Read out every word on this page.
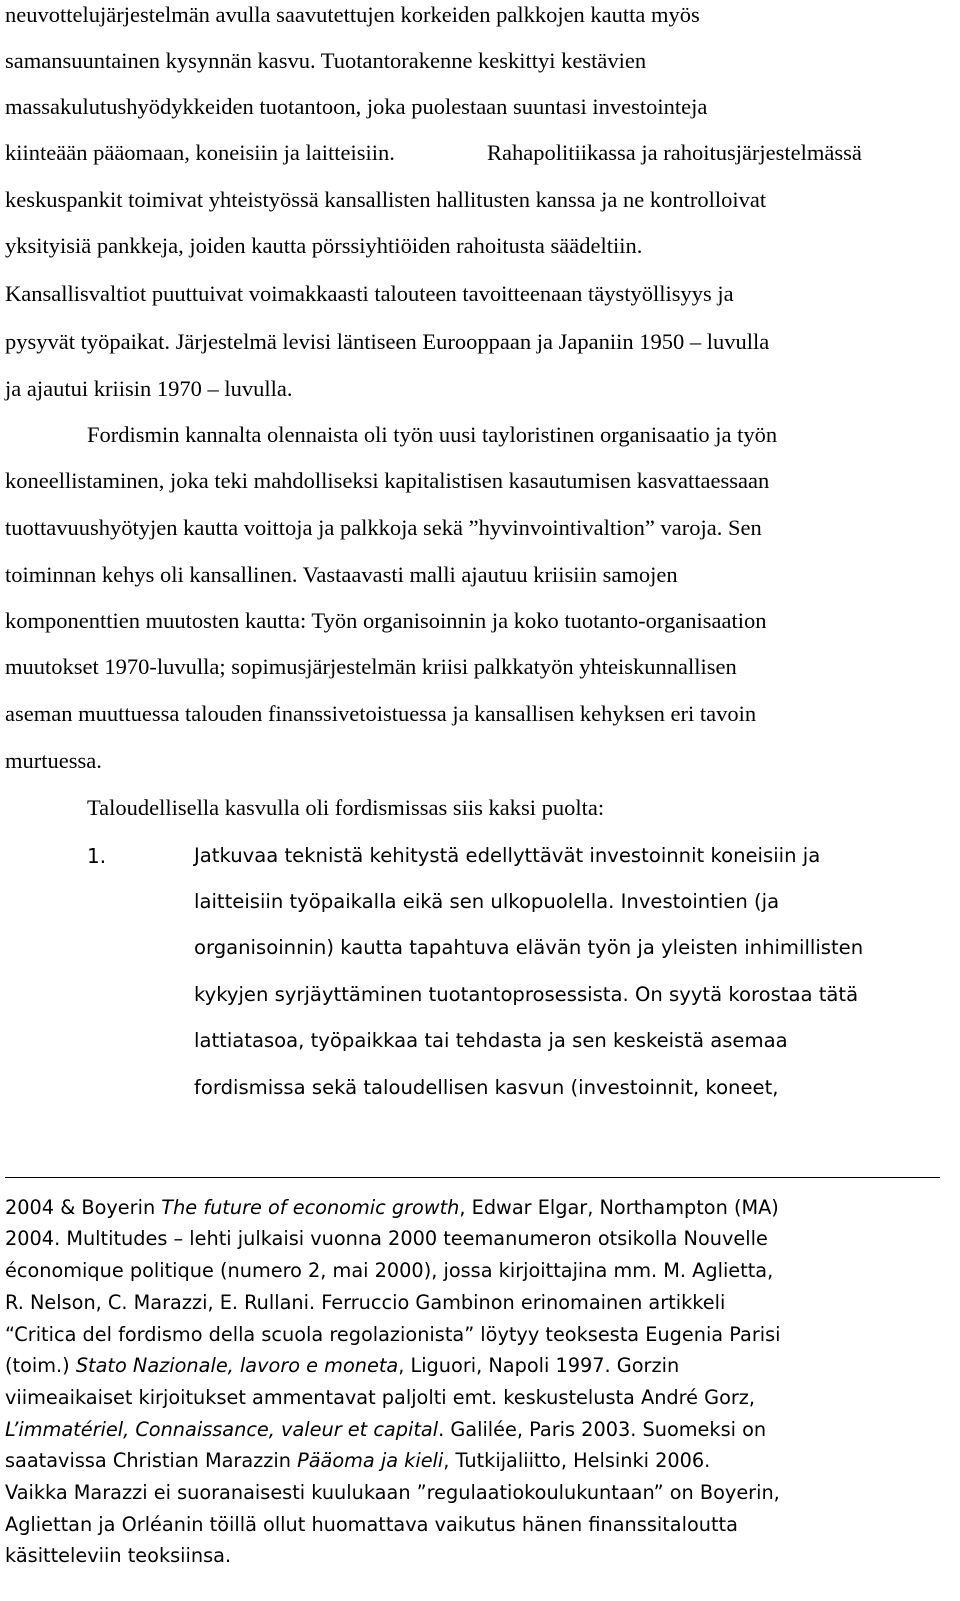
neuvottelujärjestelmän avulla saavutettujen korkeiden palkkojen kautta myös
samansuuntainen kysynnän kasvu. Tuotantorakenne keskittyi kestävien
massakulutushyödykkeiden tuotantoon, joka puolestaan suuntasi investointeja
kiinteään pääomaan, koneisiin ja laitteisiin.	Rahapolitiikassa ja rahoitusjärjestelmässä
keskuspankit toimivat yhteistyössä kansallisten hallitusten kanssa ja ne kontrolloivat
yksityisiä pankkeja, joiden kautta pörssiyhtiöiden rahoitusta säädeltiin.
Kansallisvaltiot puuttuivat voimakkaasti talouteen tavoitteenaan täystyöllisyys ja
pysyvät työpaikat. Järjestelmä levisi läntiseen Eurooppaan ja Japaniin 1950 – luvulla
ja ajautui kriisin 1970 – luvulla.
Fordismin kannalta olennaista oli työn uusi tayloristinen organisaatio ja työn
koneellistaminen, joka teki mahdolliseksi kapitalistisen kasautumisen kasvattaessaan
tuottavuushyötyjen kautta voittoja ja palkkoja sekä ”hyvinvointivaltion” varoja. Sen
toiminnan kehys oli kansallinen. Vastaavasti malli ajautuu kriisiin samojen
komponenttien muutosten kautta: Työn organisoinnin ja koko tuotanto-organisaation
muutokset 1970-luvulla; sopimusjärjestelmän kriisi palkkatyön yhteiskunnallisen
aseman muuttuessa talouden finanssivetoistuessa ja kansallisen kehyksen eri tavoin
murtuessa.
Taloudellisella kasvulla oli fordismissas siis kaksi puolta:
1.	Jatkuvaa teknistä kehitystä edellyttävät investoinnit koneisiin ja
laitteisiin työpaikalla eikä sen ulkopuolella. Investointien (ja
organisoinnin) kautta tapahtuva elävän työn ja yleisten inhimillisten
kykyjen syrjäyttäminen tuotantoprosessista. On syytä korostaa tätä
lattiatasoa, työpaikkaa tai tehdasta ja sen keskeistä asemaa
fordismissa sekä taloudellisen kasvun (investoinnit, koneet,
2004 & Boyerin The future of economic growth, Edwar Elgar, Northampton (MA)
2004. Multitudes – lehti julkaisi vuonna 2000 teemanumeron otsikolla Nouvelle
économique politique (numero 2, mai 2000), jossa kirjoittajina mm. M. Aglietta,
R. Nelson, C. Marazzi, E. Rullani. Ferruccio Gambinon erinomainen artikkeli
“Critica del fordismo della scuola regolazionista” löytyy teoksesta Eugenia Parisi
(toim.) Stato Nazionale, lavoro e moneta, Liguori, Napoli 1997. Gorzin
viimeaikaiset kirjoitukset ammentavat paljolti emt. keskustelusta André Gorz,
L’immatériel, Connaissance, valeur et capital. Galilée, Paris 2003. Suomeksi on
saatavissa Christian Marazzin Pääoma ja kieli, Tutkijaliitto, Helsinki 2006.
Vaikka Marazzi ei suoranaisesti kuulukaan ”regulaatiokoulukuntaan” on Boyerin,
Agliettan ja Orléanin töillä ollut huomattava vaikutus hänen finanssitaloutta
käsitteleviin teoksiinsa.
